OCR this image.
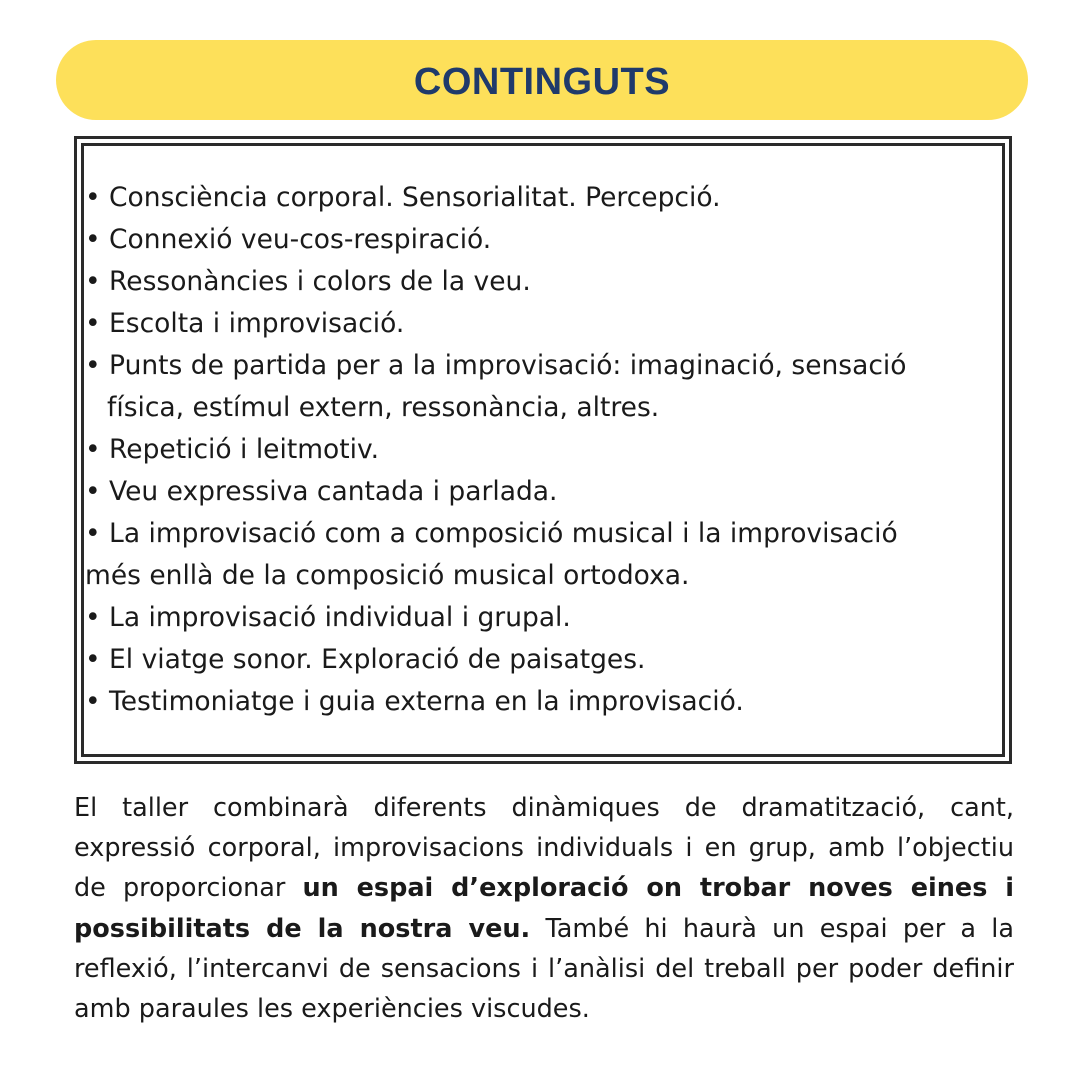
CONTINGUTS
• Consciència corporal. Sensorialitat. Percepció.
• Connexió veu-cos-respiració.
• Ressonàncies i colors de la veu.
• Escolta i improvisació.
• Punts de partida per a la improvisació: imaginació, sensació
física, estímul extern, ressonància, altres.
• Repetició i leitmotiv.
• Veu expressiva cantada i parlada.
• La improvisació com a composició musical i la improvisació
més enllà de la composició musical ortodoxa.
• La improvisació individual i grupal.
• El viatge sonor. Exploració de paisatges.
• Testimoniatge i guia externa en la improvisació.

El taller combinarà diferents dinàmiques de dramatització, cant, expressió corporal, improvisacions individuals i en grup, amb l’objectiu de proporcionar un espai d’exploració on trobar noves eines i possibilitats de la nostra veu. També hi haurà un espai per a la reflexió, l’intercanvi de sensacions i l’anàlisi del treball per poder definir amb paraules les experiències viscudes.
